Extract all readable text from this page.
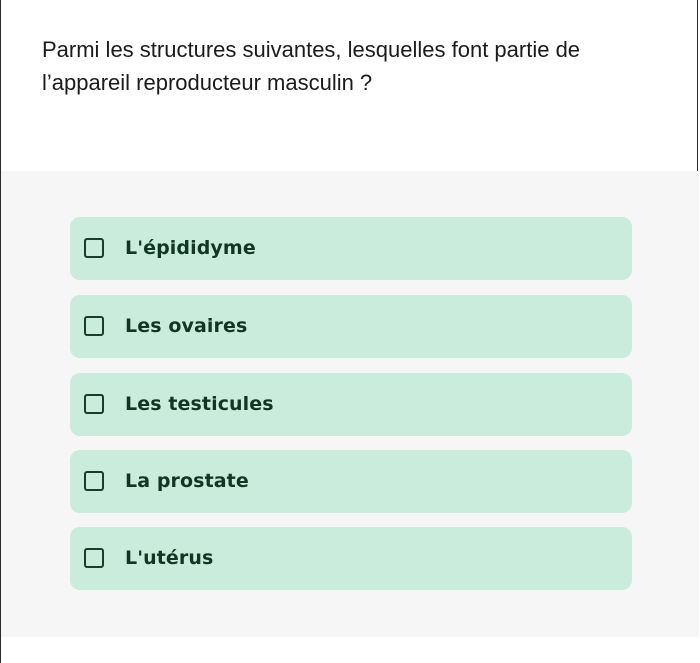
Parmi les structures suivantes, lesquelles font partie de l’appareil reproducteur masculin ?

L'épididyme
Les ovaires
Les testicules
La prostate
L'utérus
